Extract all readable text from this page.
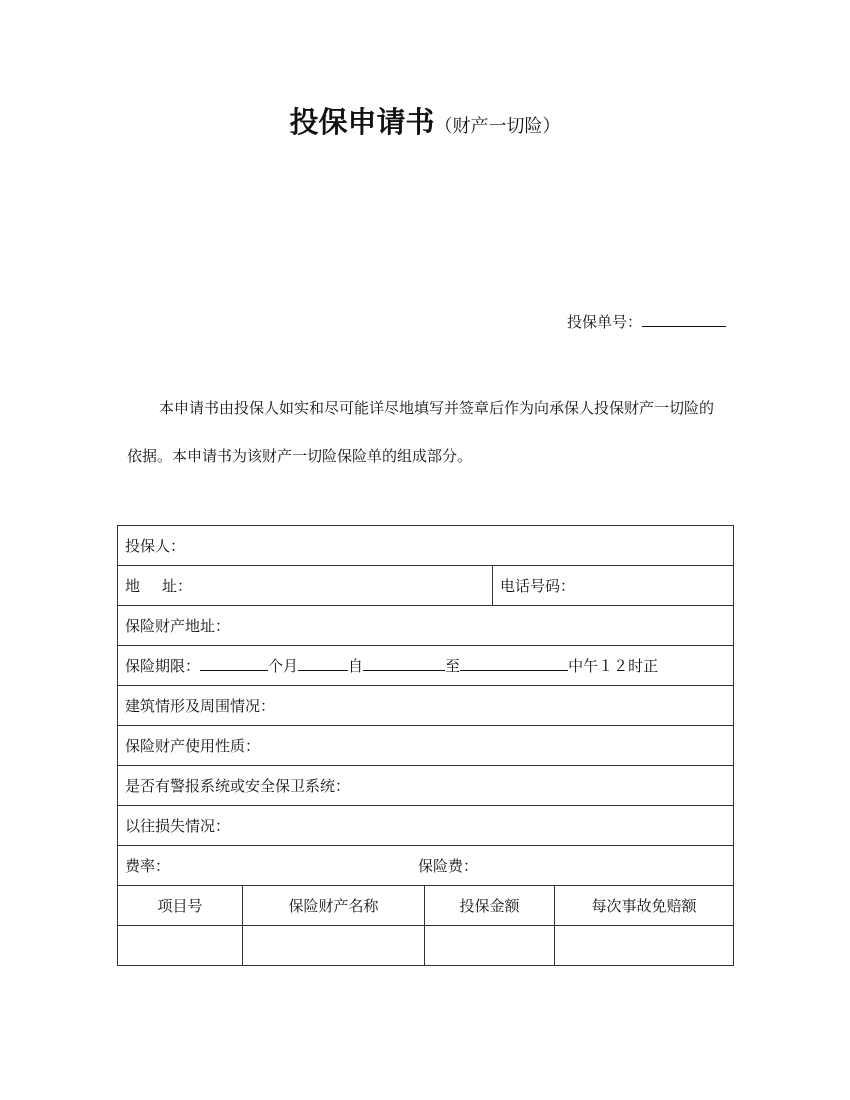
投保申请书（财产一切险）
投保单号：

本申请书由投保人如实和尽可能详尽地填写并签章后作为向承保人投保财产一切险的依据。本申请书为该财产一切险保险单的组成部分。

投保人：				
地 址：			电话号码：	
保险财产地址：				
保险期限： 个月 自 至 中午１２时正				
建筑情形及周围情况：				
保险财产使用性质：				
是否有警报系统或安全保卫系统：				
以往损失情况：				
费率： 保险费：				
项目号	保险财产名称	投保金额		每次事故免赔额
